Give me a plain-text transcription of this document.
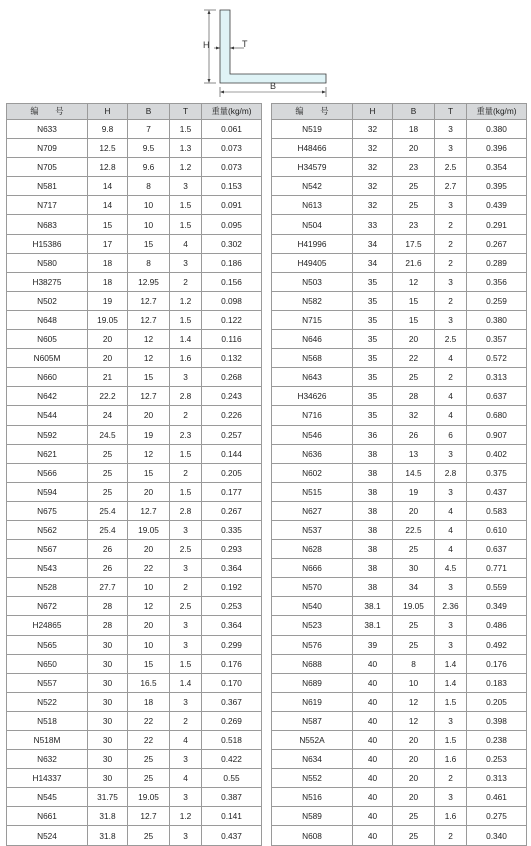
H	T
B
编　　号	H	B	T	重量(kg/m)
N633	9.8	7	1.5	0.061
N709	12.5	9.5	1.3	0.073
N705	12.8	9.6	1.2	0.073
N581	14	8	3	0.153
N717	14	10	1.5	0.091
N683	15	10	1.5	0.095
H15386	17	15	4	0.302
N580	18	8	3	0.186
H38275	18	12.95	2	0.156
N502	19	12.7	1.2	0.098
N648	19.05	12.7	1.5	0.122
N605	20	12	1.4	0.116
N605M	20	12	1.6	0.132
N660	21	15	3	0.268
N642	22.2	12.7	2.8	0.243
N544	24	20	2	0.226
N592	24.5	19	2.3	0.257
N621	25	12	1.5	0.144
N566	25	15	2	0.205
N594	25	20	1.5	0.177
N675	25.4	12.7	2.8	0.267
N562	25.4	19.05	3	0.335
N567	26	20	2.5	0.293
N543	26	22	3	0.364
N528	27.7	10	2	0.192
N672	28	12	2.5	0.253
H24865	28	20	3	0.364
N565	30	10	3	0.299
N650	30	15	1.5	0.176
N557	30	16.5	1.4	0.170
N522	30	18	3	0.367
N518	30	22	2	0.269
N518M	30	22	4	0.518
N632	30	25	3	0.422
H14337	30	25	4	0.55
N545	31.75	19.05	3	0.387
N661	31.8	12.7	1.2	0.141
N524	31.8	25	3	0.437
编　　号	H	B	T	重量(kg/m)
N519	32	18	3	0.380
H48466	32	20	3	0.396
H34579	32	23	2.5	0.354
N542	32	25	2.7	0.395
N613	32	25	3	0.439
N504	33	23	2	0.291
H41996	34	17.5	2	0.267
H49405	34	21.6	2	0.289
N503	35	12	3	0.356
N582	35	15	2	0.259
N715	35	15	3	0.380
N646	35	20	2.5	0.357
N568	35	22	4	0.572
N643	35	25	2	0.313
H34626	35	28	4	0.637
N716	35	32	4	0.680
N546	36	26	6	0.907
N636	38	13	3	0.402
N602	38	14.5	2.8	0.375
N515	38	19	3	0.437
N627	38	20	4	0.583
N537	38	22.5	4	0.610
N628	38	25	4	0.637
N666	38	30	4.5	0.771
N570	38	34	3	0.559
N540	38.1	19.05	2.36	0.349
N523	38.1	25	3	0.486
N576	39	25	3	0.492
N688	40	8	1.4	0.176
N689	40	10	1.4	0.183
N619	40	12	1.5	0.205
N587	40	12	3	0.398
N552A	40	20	1.5	0.238
N634	40	20	1.6	0.253
N552	40	20	2	0.313
N516	40	20	3	0.461
N589	40	25	1.6	0.275
N608	40	25	2	0.340
